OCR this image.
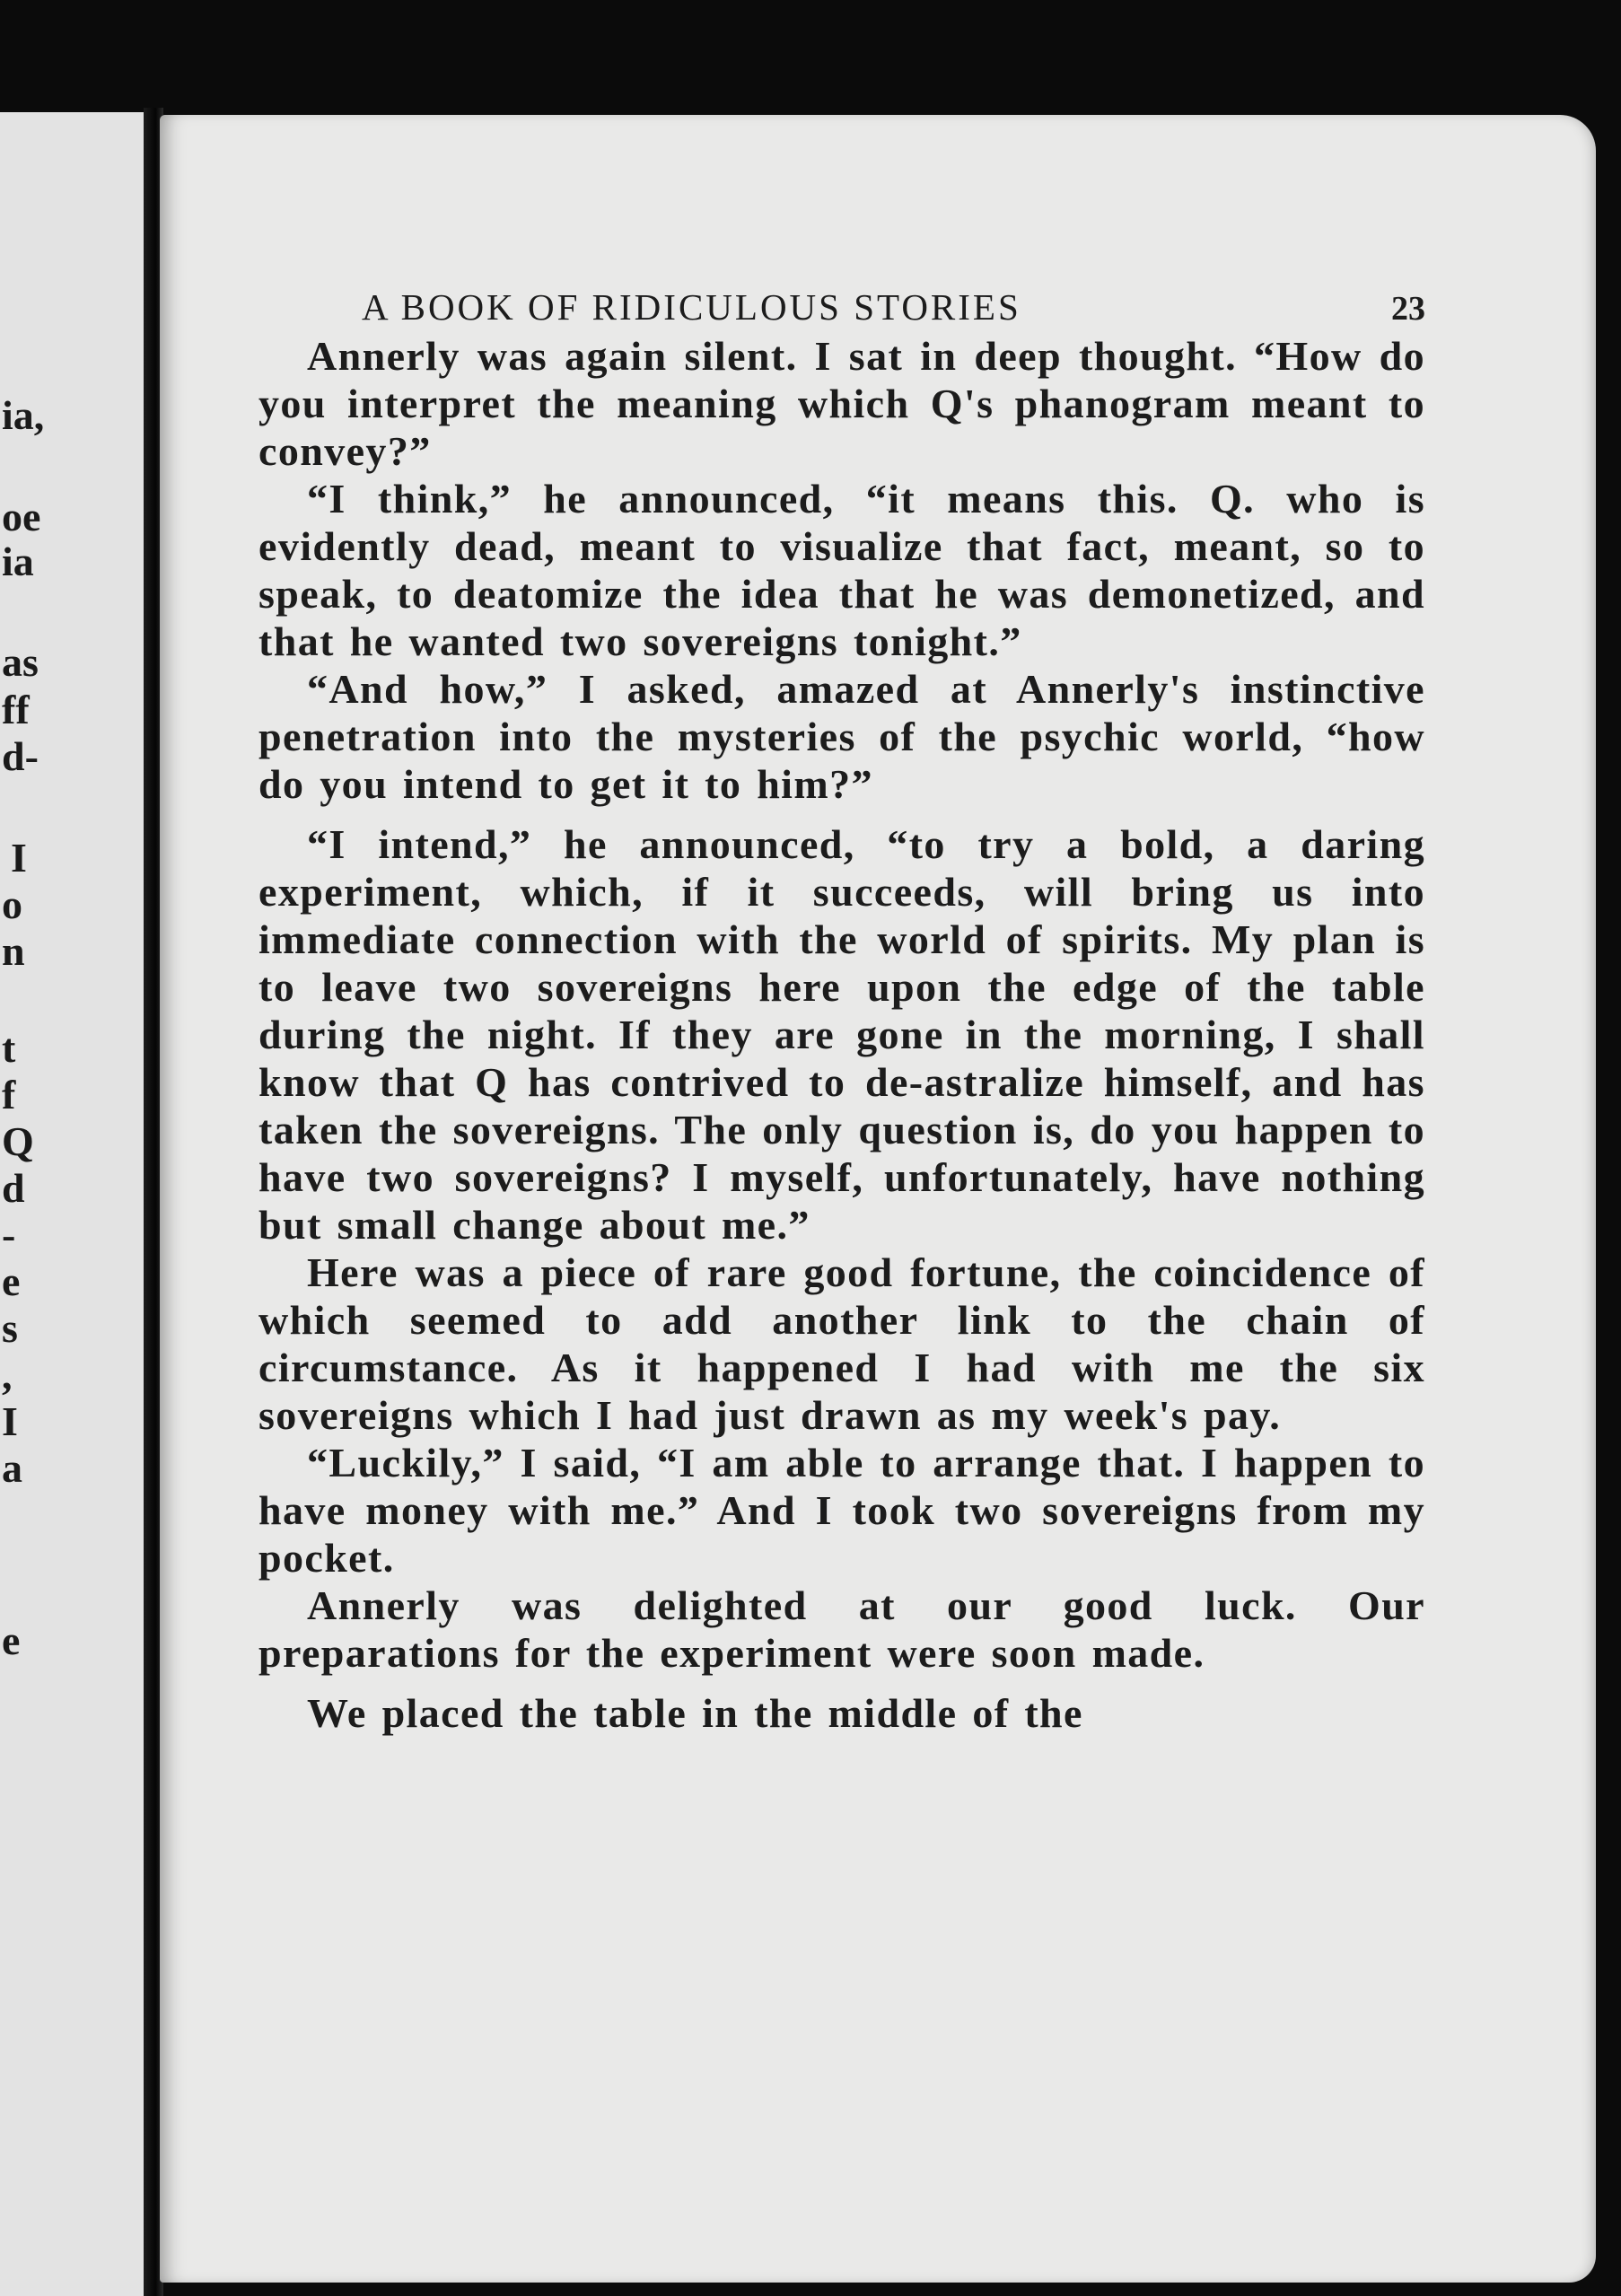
ia,
oe
ia
as
ff
d-
I
o
n
t
f
Q
d
-
e
s
,
I
a
e
A BOOK OF RIDICULOUS STORIES	23

Annerly was again silent. I sat in deep thought. “How do you interpret the meaning which Q's phanogram meant to convey?”

“I think,” he announced, “it means this. Q. who is evidently dead, meant to visualize that fact, meant, so to speak, to deatomize the idea that he was demonetized, and that he wanted two sovereigns tonight.”

“And how,” I asked, amazed at Annerly's instinctive penetration into the mysteries of the psychic world, “how do you intend to get it to him?”

“I intend,” he announced, “to try a bold, a daring experiment, which, if it succeeds, will bring us into immediate connection with the world of spirits. My plan is to leave two sovereigns here upon the edge of the table during the night. If they are gone in the morning, I shall know that Q has contrived to de-astralize himself, and has taken the sovereigns. The only question is, do you happen to have two sovereigns? I myself, unfortunately, have nothing but small change about me.”

Here was a piece of rare good fortune, the coincidence of which seemed to add another link to the chain of circumstance. As it happened I had with me the six sovereigns which I had just drawn as my week's pay.

“Luckily,” I said, “I am able to arrange that. I happen to have money with me.” And I took two sovereigns from my pocket.

Annerly was delighted at our good luck. Our preparations for the experiment were soon made.

We placed the table in the middle of the
